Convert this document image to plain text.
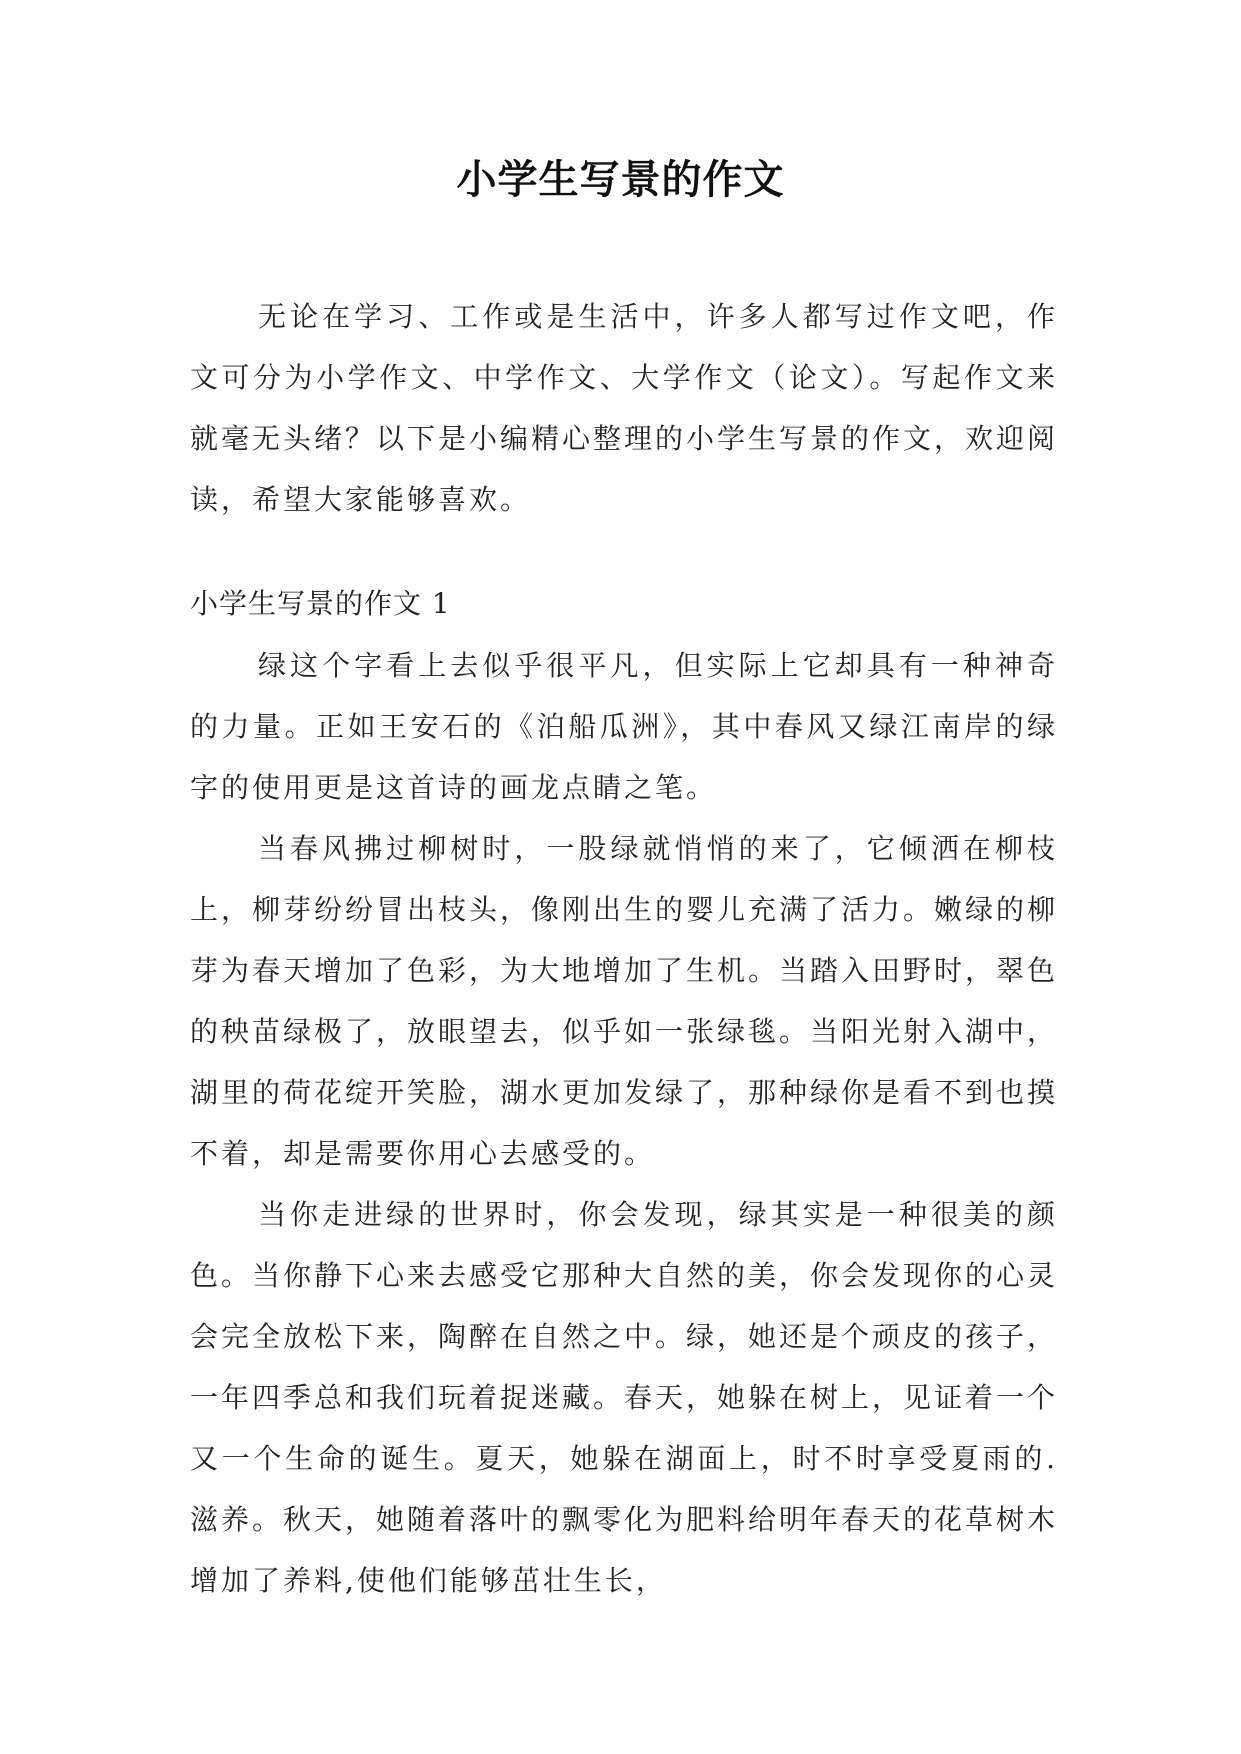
小学生写景的作文

无论在学习、工作或是生活中，许多人都写过作文吧，作文可分为小学作文、中学作文、大学作文（论文）。写起作文来就毫无头绪？以下是小编精心整理的小学生写景的作文，欢迎阅读，希望大家能够喜欢。

小学生写景的作文 1

绿这个字看上去似乎很平凡，但实际上它却具有一种神奇的力量。正如王安石的《泊船瓜洲》，其中春风又绿江南岸的绿字的使用更是这首诗的画龙点睛之笔。

当春风拂过柳树时，一股绿就悄悄的来了，它倾洒在柳枝上，柳芽纷纷冒出枝头，像刚出生的婴儿充满了活力。嫩绿的柳芽为春天增加了色彩，为大地增加了生机。当踏入田野时，翠色的秧苗绿极了，放眼望去，似乎如一张绿毯。当阳光射入湖中，湖里的荷花绽开笑脸，湖水更加发绿了，那种绿你是看不到也摸不着，却是需要你用心去感受的。

当你走进绿的世界时，你会发现，绿其实是一种很美的颜色。当你静下心来去感受它那种大自然的美，你会发现你的心灵会完全放松下来，陶醉在自然之中。绿，她还是个顽皮的孩子，一年四季总和我们玩着捉迷藏。春天，她躲在树上，见证着一个又一个生命的诞生。夏天，她躲在湖面上，时不时享受夏雨的.滋养。秋天，她随着落叶的飘零化为肥料给明年春天的花草树木增加了养料,使他们能够茁壮生长，
